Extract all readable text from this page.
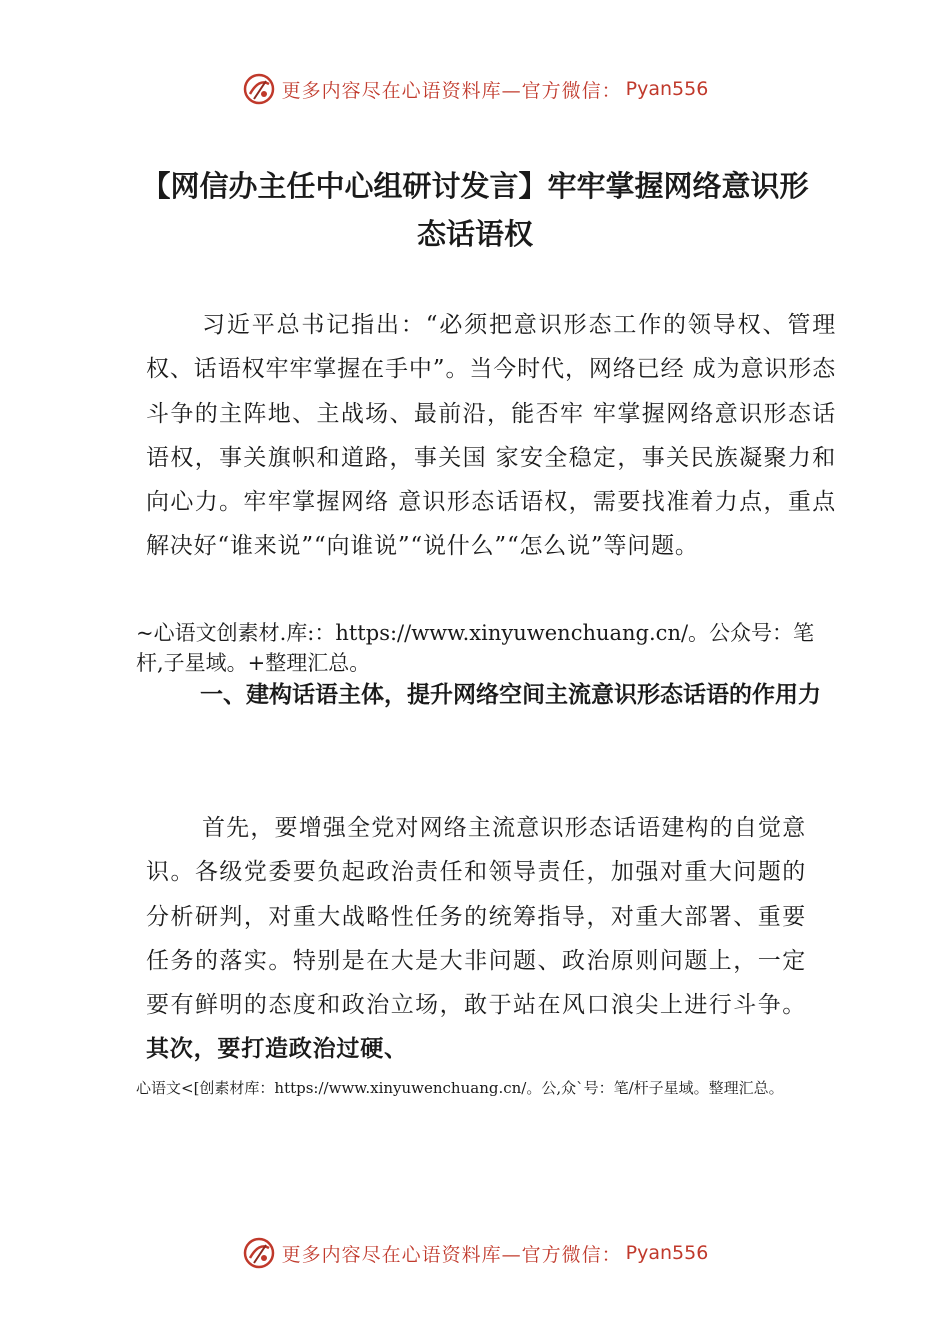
更多内容尽在心语资料库—官方微信： Pyan556
【网信办主任中心组研讨发言】牢牢掌握网络意识形态话语权

习近平总书记指出：“必须把意识形态工作的领导权、管理权、话语权牢牢掌握在手中”。当今时代，网络已经 成为意识形态斗争的主阵地、主战场、最前沿，能否牢 牢掌握网络意识形态话语权，事关旗帜和道路，事关国 家安全稳定，事关民族凝聚力和向心力。牢牢掌握网络 意识形态话语权，需要找准着力点，重点解决好“谁来说”“向谁说”“说什么”“怎么说”等问题。

~心语文创素材.库:：https://www.xinyuwenchuang.cn/。公众号：笔杆,子星域。+整理汇总。

一、建构话语主体，提升网络空间主流意识形态话语的作用力

首先，要增强全党对网络主流意识形态话语建构的自觉意识。各级党委要负起政治责任和领导责任，加强对重大问题的分析研判，对重大战略性任务的统筹指导，对重大部署、重要任务的落实。特别是在大是大非问题、政治原则问题上，一定要有鲜明的态度和政治立场，敢于站在风口浪尖上进行斗争。其次，要打造政治过硬、

心语文<[创素材库：https://www.xinyuwenchuang.cn/。公,众`号：笔/杆子星域。整理汇总。

更多内容尽在心语资料库—官方微信： Pyan556
